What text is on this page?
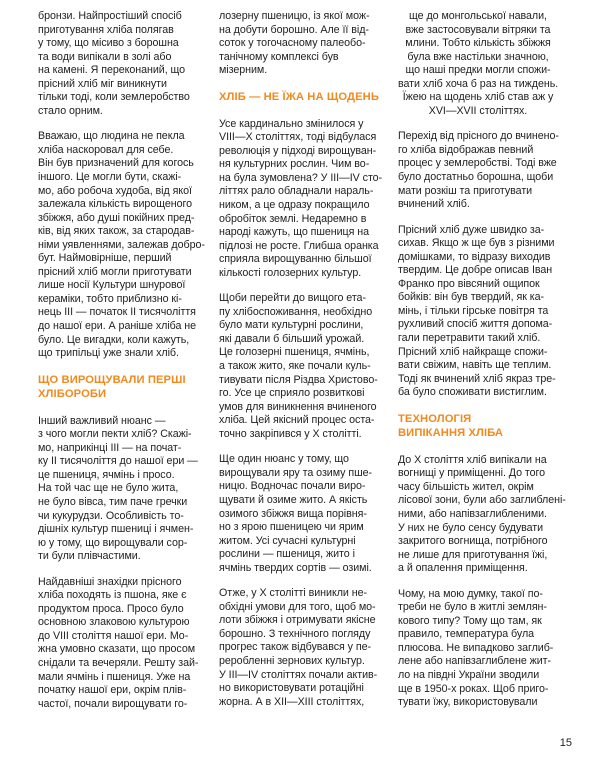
бронзи. Найпростіший спосіб
приготування хліба полягав
у тому, що місиво з борошна
та води випікали в золі або
на камені. Я переконаний, що
прісний хліб міг виникнути
тільки тоді, коли землеробство
стало орним.
Вважаю, що людина не пекла
хліба наскоровал для себе.
Він був призначений для когось
іншого. Це могли бути, скажі-
мо, або робоча худоба, від якої
залежала кількість вирощеного
збіжжя, або душі покійних пред-
ків, від яких також, за стародав-
німи уявленнями, залежав добро-
бут. Наймовірніше, перший
прісний хліб могли приготувати
лише носії Культури шнурової
кераміки, тобто приблизно кі-
нець III — початок II тисячоліття
до нашої ери. А раніше хліба не
було. Це вигадки, коли кажуть,
що трипільці уже знали хліб.
ЩО ВИРОЩУВАЛИ ПЕРШІ
ХЛІБОРОБИ
Інший важливий нюанс —
з чого могли пекти хліб? Скажі-
мо, наприкінці III — на почат-
ку II тисячоліття до нашої ери —
це пшениця, ячмінь і просо.
На той час ще не було жита,
не було вівса, тим паче гречки
чи кукурудзи. Особливість то-
дішніх культур пшениці і ячмен-
ю у тому, що вирощували сор-
ти були плівчастими.
Найдавніші знахідки прісного
хліба походять із пшона, яке є
продуктом проса. Просо було
основною злаковою культурою
до VIII століття нашої ери. Мо-
жна умовно сказати, що просом
снідали та вечеряли. Решту зай-
мали ячмінь і пшениця. Уже на
початку нашої ери, окрім плів-
частої, почали вирощувати го-
лозерну пшеницю, із якої мож-
на добути борошно. Але її від-
соток у тогочасному палеобо-
танічному комплексі був
мізерним.
ХЛІБ — НЕ ЇЖА НА ЩОДЕНЬ
Усе кардинально змінилося у
VIII—X століттях, тоді відбулася
революція у підході вирощуван-
ня культурних рослин. Чим во-
на була зумовлена? У III—IV сто-
літтях рало обладнали нараль-
ником, а це одразу покращило
обробіток землі. Недаремно в
народі кажуть, що пшениця на
підлозі не росте. Глибша оранка
сприяла вирощуванню більшої
кількості голозерних культур.
Щоби перейти до вищого ета-
пу хлібоспоживання, необхідно
було мати культурні рослини,
які давали б більший урожай.
Це голозерні пшениця, ячмінь,
а також жито, яке почали куль-
тивувати після Різдва Христово-
го. Усе це сприяло розвиткові
умов для виникнення вчиненого
хліба. Цей якісний процес оста-
точно закріпився у X столітті.
Ще один нюанс у тому, що
вирощували яру та озиму пше-
ницю. Водночас почали виро-
щувати й озиме жито. А якість
озимого збіжжя вища порівня-
но з ярою пшеницею чи ярим
житом. Усі сучасні культурні
рослини — пшениця, жито і
ячмінь твердих сортів — озимі.
Отже, у X столітті виникли не-
обхідні умови для того, щоб мо-
лоти збіжжя і отримувати якісне
борошно. З технічного погляду
прогрес також відбувався у пе-
реробленні зернових культур.
У III—IV століттях почали актив-
но використовувати ротаційні
жорна. А в XII—XIII століттях,
ще до монгольської навали,
вже застосовували вітряки та
млини. Тобто кількість збіжжя
була вже настільки значною,
що наші предки могли спожи-
вати хліб хоча б раз на тиждень.
Їжею на щодень хліб став аж у
XVI—XVII століттях.
Перехід від прісного до вчинено-
го хліба відображав певний
процес у землеробстві. Тоді вже
було достатньо борошна, щоби
мати розкіш та приготувати
вчинений хліб.
Прісний хліб дуже швидко за-
сихав. Якщо ж ще був з різними
домішками, то відразу виходив
твердим. Це добре описав Іван
Франко про вівсяний ощипок
бойків: він був твердий, як ка-
мінь, і тільки гірське повітря та
рухливий спосіб життя допома-
гали перетравити такий хліб.
Прісний хліб найкраще спожи-
вати свіжим, навіть ще теплим.
Тоді як вчинений хліб якраз тре-
ба було споживати вистиглим.
ТЕХНОЛОГІЯ
ВИПІКАННЯ ХЛІБА
До X століття хліб випікали на
вогнищі у приміщенні. До того
часу більшість жител, окрім
лісової зони, були або заглиблені-
ними, або напівзаглибленими.
У них не було сенсу будувати
закритого вогнища, потрібного
не лише для приготування їжі,
а й опалення приміщення.
Чому, на мою думку, такої по-
треби не було в житлі землян-
кового типу? Тому що там, як
правило, температура була
плюсова. Не випадково заглиб-
лене або напівзаглиблене жит-
ло на півдні України зводили
ще в 1950-х роках. Щоб приго-
тувати їжу, використовували
15
